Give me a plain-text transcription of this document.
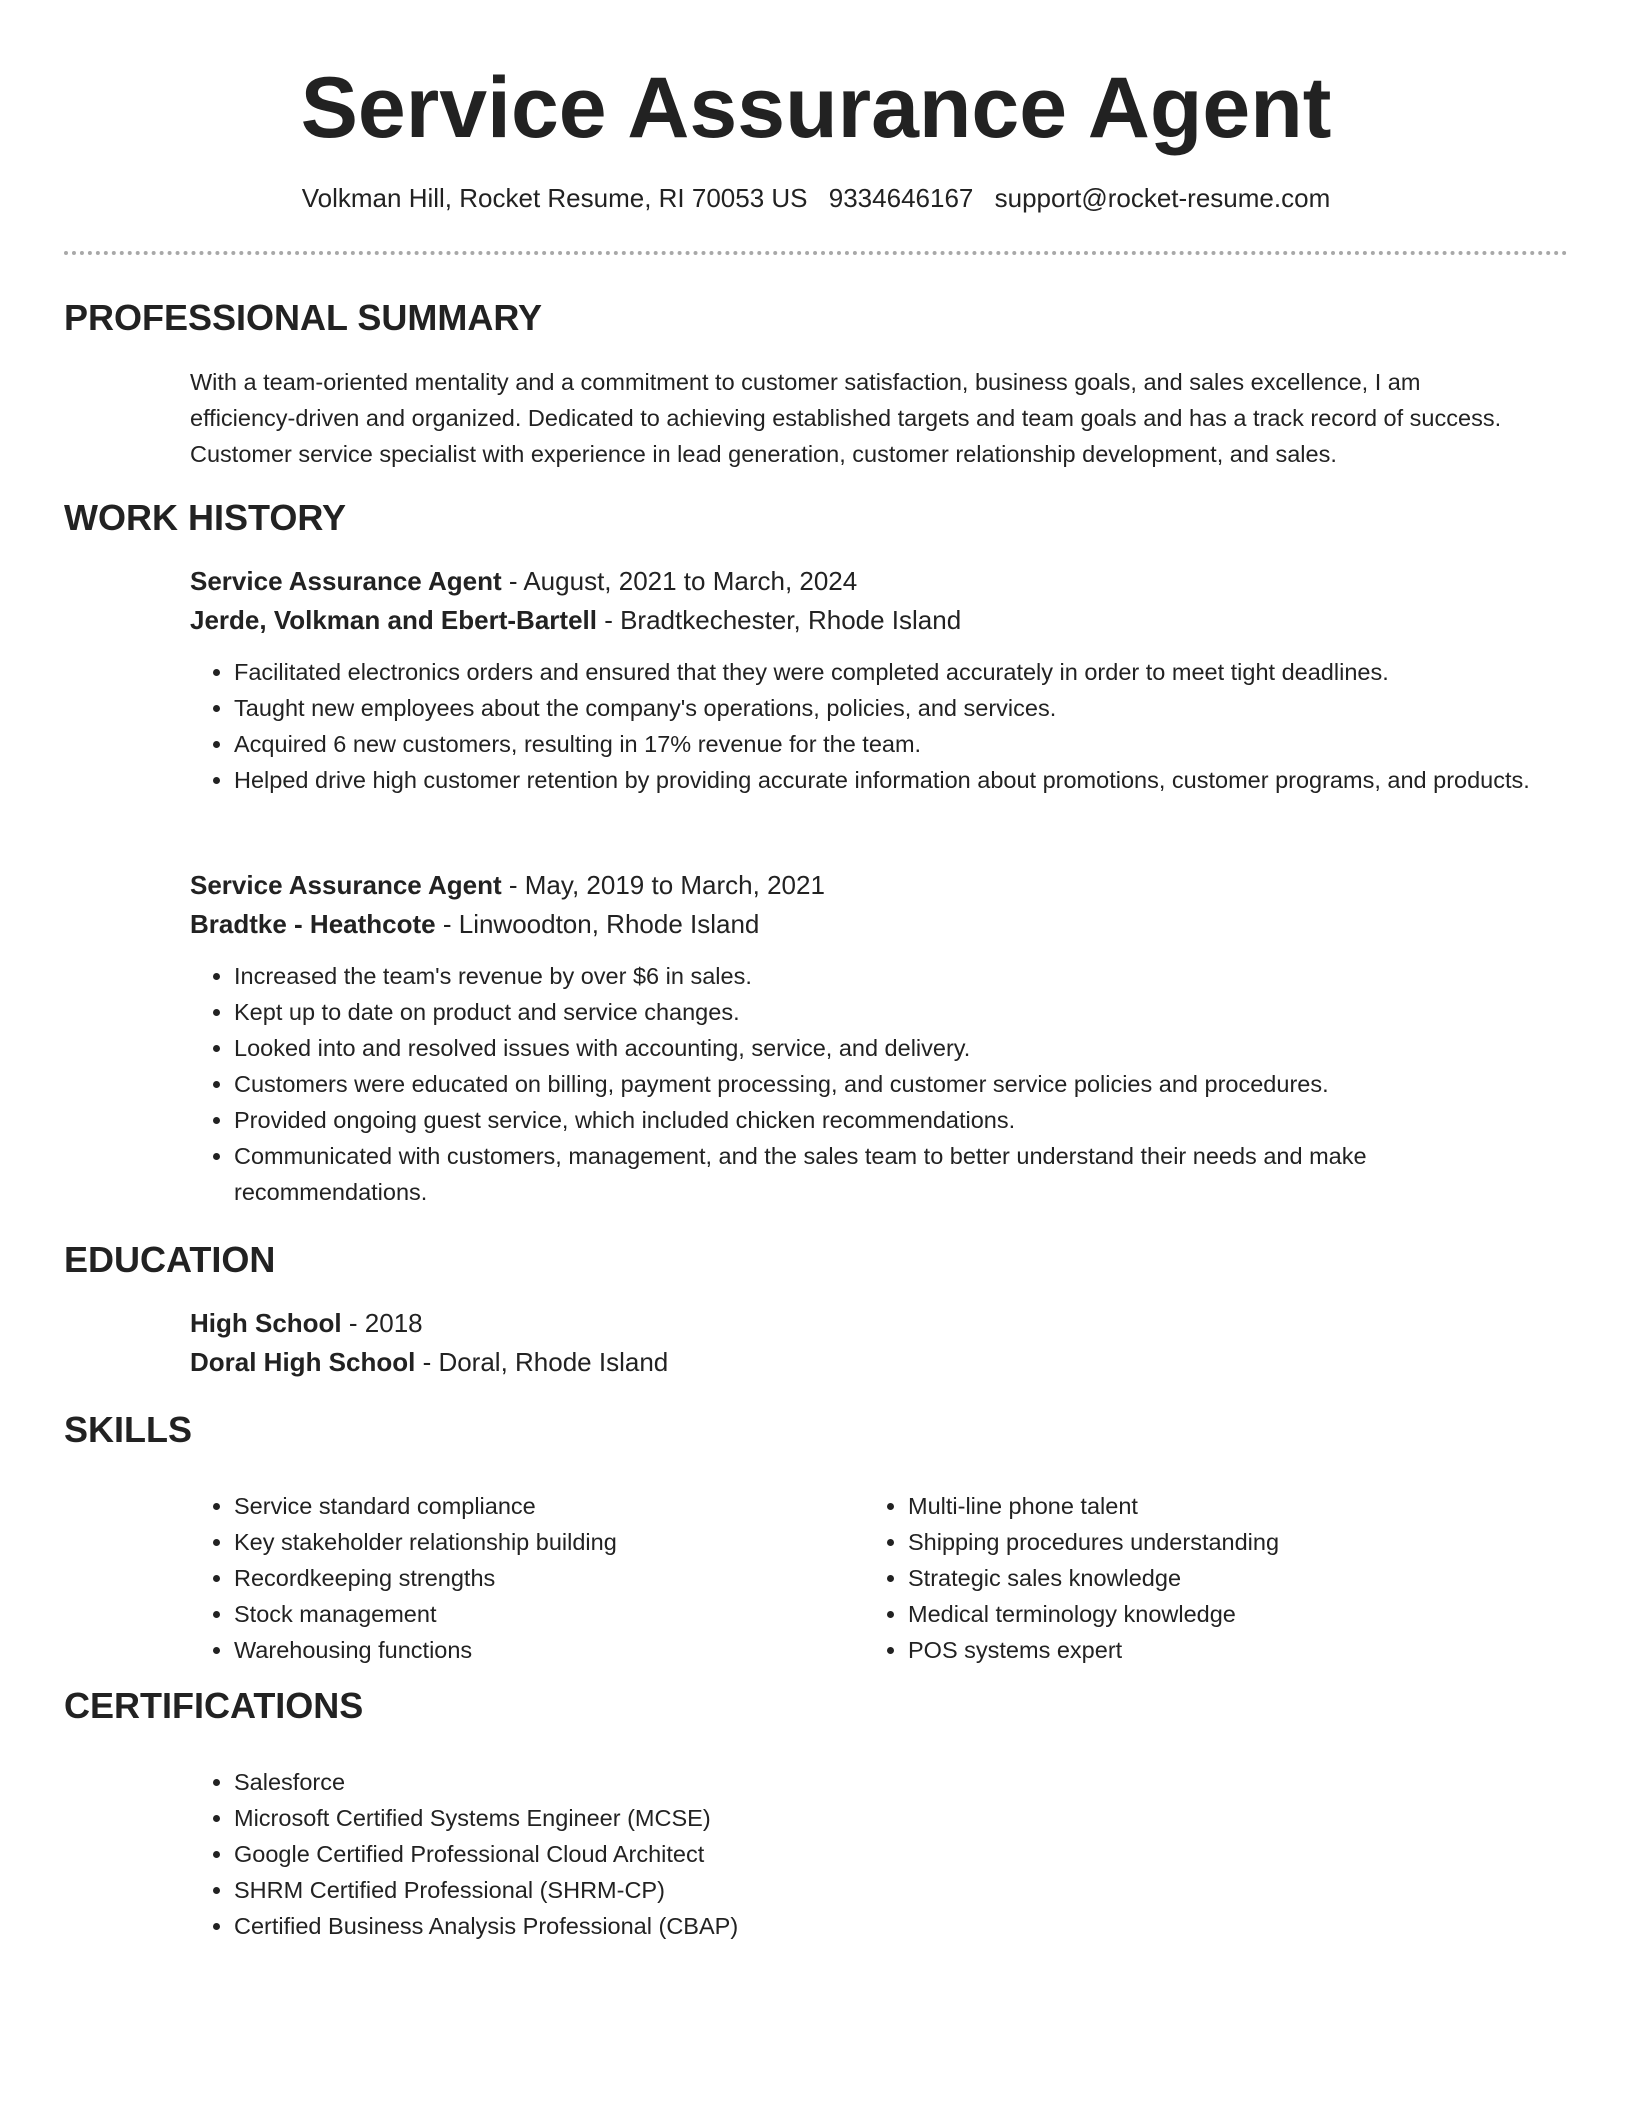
Service Assurance Agent
Volkman Hill, Rocket Resume, RI 70053 US 9334646167 support@rocket-resume.com
PROFESSIONAL SUMMARY

With a team-oriented mentality and a commitment to customer satisfaction, business goals, and sales excellence, I am efficiency-driven and organized. Dedicated to achieving established targets and team goals and has a track record of success. Customer service specialist with experience in lead generation, customer relationship development, and sales.

WORK HISTORY
Service Assurance Agent - August, 2021 to March, 2024
Jerde, Volkman and Ebert-Bartell - Bradtkechester, Rhode Island
• Facilitated electronics orders and ensured that they were completed accurately in order to meet tight deadlines.
• Taught new employees about the company's operations, policies, and services.
• Acquired 6 new customers, resulting in 17% revenue for the team.
• Helped drive high customer retention by providing accurate information about promotions, customer programs, and products.
Service Assurance Agent - May, 2019 to March, 2021
Bradtke - Heathcote - Linwoodton, Rhode Island
• Increased the team's revenue by over $6 in sales.
• Kept up to date on product and service changes.
• Looked into and resolved issues with accounting, service, and delivery.
• Customers were educated on billing, payment processing, and customer service policies and procedures.
• Provided ongoing guest service, which included chicken recommendations.
• Communicated with customers, management, and the sales team to better understand their needs and make recommendations.
EDUCATION
High School - 2018
Doral High School - Doral, Rhode Island
SKILLS
• Service standard compliance
• Key stakeholder relationship building
• Recordkeeping strengths
• Stock management
• Warehousing functions
• Multi-line phone talent
• Shipping procedures understanding
• Strategic sales knowledge
• Medical terminology knowledge
• POS systems expert
CERTIFICATIONS
• Salesforce
• Microsoft Certified Systems Engineer (MCSE)
• Google Certified Professional Cloud Architect
• SHRM Certified Professional (SHRM-CP)
• Certified Business Analysis Professional (CBAP)
